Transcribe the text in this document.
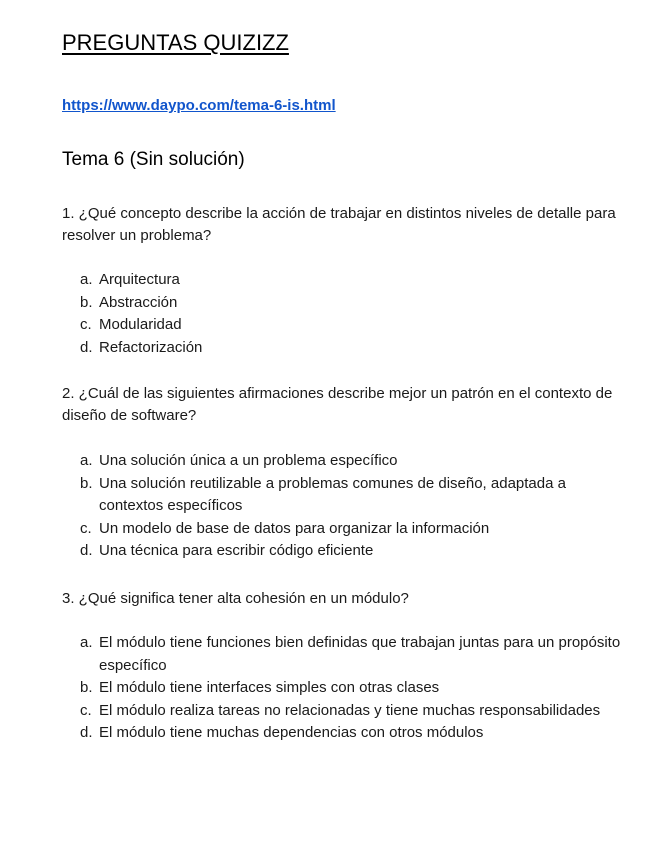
PREGUNTAS QUIZIZZ
https://www.daypo.com/tema-6-is.html
Tema 6 (Sin solución)
1. ¿Qué concepto describe la acción de trabajar en distintos niveles de detalle para resolver un problema?
a. Arquitectura
b. Abstracción
c. Modularidad
d. Refactorización
2. ¿Cuál de las siguientes afirmaciones describe mejor un patrón en el contexto de diseño de software?
a. Una solución única a un problema específico
b. Una solución reutilizable a problemas comunes de diseño, adaptada a contextos específicos
c. Un modelo de base de datos para organizar la información
d. Una técnica para escribir código eficiente
3. ¿Qué significa tener alta cohesión en un módulo?
a. El módulo tiene funciones bien definidas que trabajan juntas para un propósito específico
b. El módulo tiene interfaces simples con otras clases
c. El módulo realiza tareas no relacionadas y tiene muchas responsabilidades
d. El módulo tiene muchas dependencias con otros módulos
